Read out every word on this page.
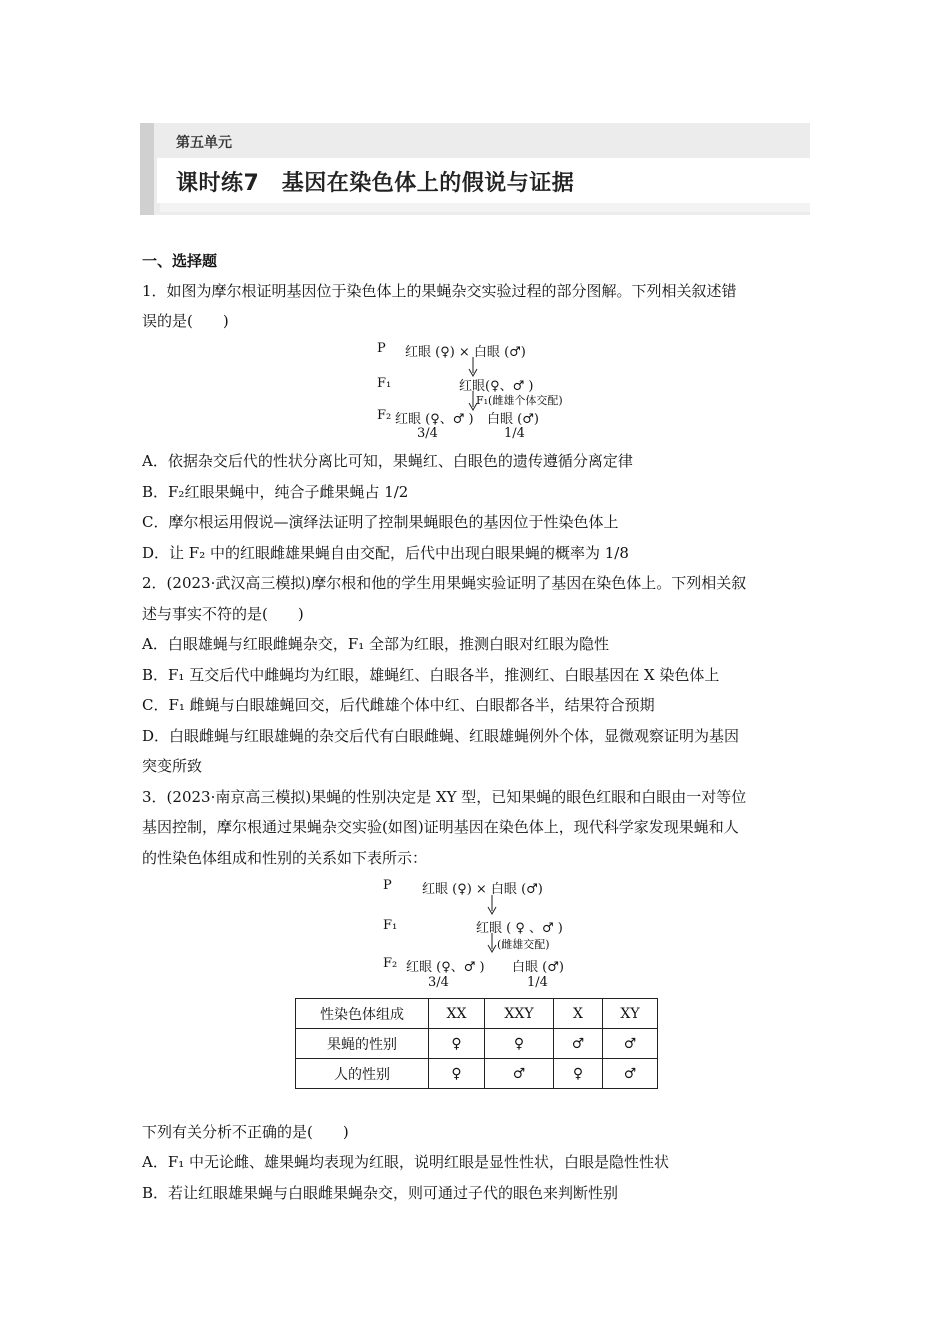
第五单元
课时练7　基因在染色体上的假说与证据
一、选择题
1．如图为摩尔根证明基因位于染色体上的果蝇杂交实验过程的部分图解。下列相关叙述错
误的是(　　)
P 红眼 (♀) × 白眼 (♂)
F₁	红眼(♀、♂ )
F₁(雌雄个体交配)
F₂ 红眼 (♀、♂ ) 白眼 (♂)
3/4	1/4
A．依据杂交后代的性状分离比可知，果蝇红、白眼色的遗传遵循分离定律
B．F₂红眼果蝇中，纯合子雌果蝇占 1/2
C．摩尔根运用假说—演绎法证明了控制果蝇眼色的基因位于性染色体上
D．让 F₂ 中的红眼雌雄果蝇自由交配，后代中出现白眼果蝇的概率为 1/8
2．(2023·武汉高三模拟)摩尔根和他的学生用果蝇实验证明了基因在染色体上。下列相关叙
述与事实不符的是(　　)
A．白眼雄蝇与红眼雌蝇杂交，F₁ 全部为红眼，推测白眼对红眼为隐性
B．F₁ 互交后代中雌蝇均为红眼，雄蝇红、白眼各半，推测红、白眼基因在 X 染色体上
C．F₁ 雌蝇与白眼雄蝇回交，后代雌雄个体中红、白眼都各半，结果符合预期
D．白眼雌蝇与红眼雄蝇的杂交后代有白眼雌蝇、红眼雄蝇例外个体，显微观察证明为基因
突变所致
3．(2023·南京高三模拟)果蝇的性别决定是 XY 型，已知果蝇的眼色红眼和白眼由一对等位
基因控制，摩尔根通过果蝇杂交实验(如图)证明基因在染色体上，现代科学家发现果蝇和人
的性染色体组成和性别的关系如下表所示：
P 红眼 (♀) × 白眼 (♂)
F₁	红眼 ( ♀ 、♂ )
(雌雄交配)
F₂ 红眼 (♀、♂ ) 白眼 (♂)
3/4	1/4
性染色体组成	XX	XXY	X	XY
果蝇的性别	♀	♀	♂	♂
人的性别	♀	♂	♀	♂
下列有关分析不正确的是(　　)
A．F₁ 中无论雌、雄果蝇均表现为红眼，说明红眼是显性性状，白眼是隐性性状
B．若让红眼雄果蝇与白眼雌果蝇杂交，则可通过子代的眼色来判断性别
